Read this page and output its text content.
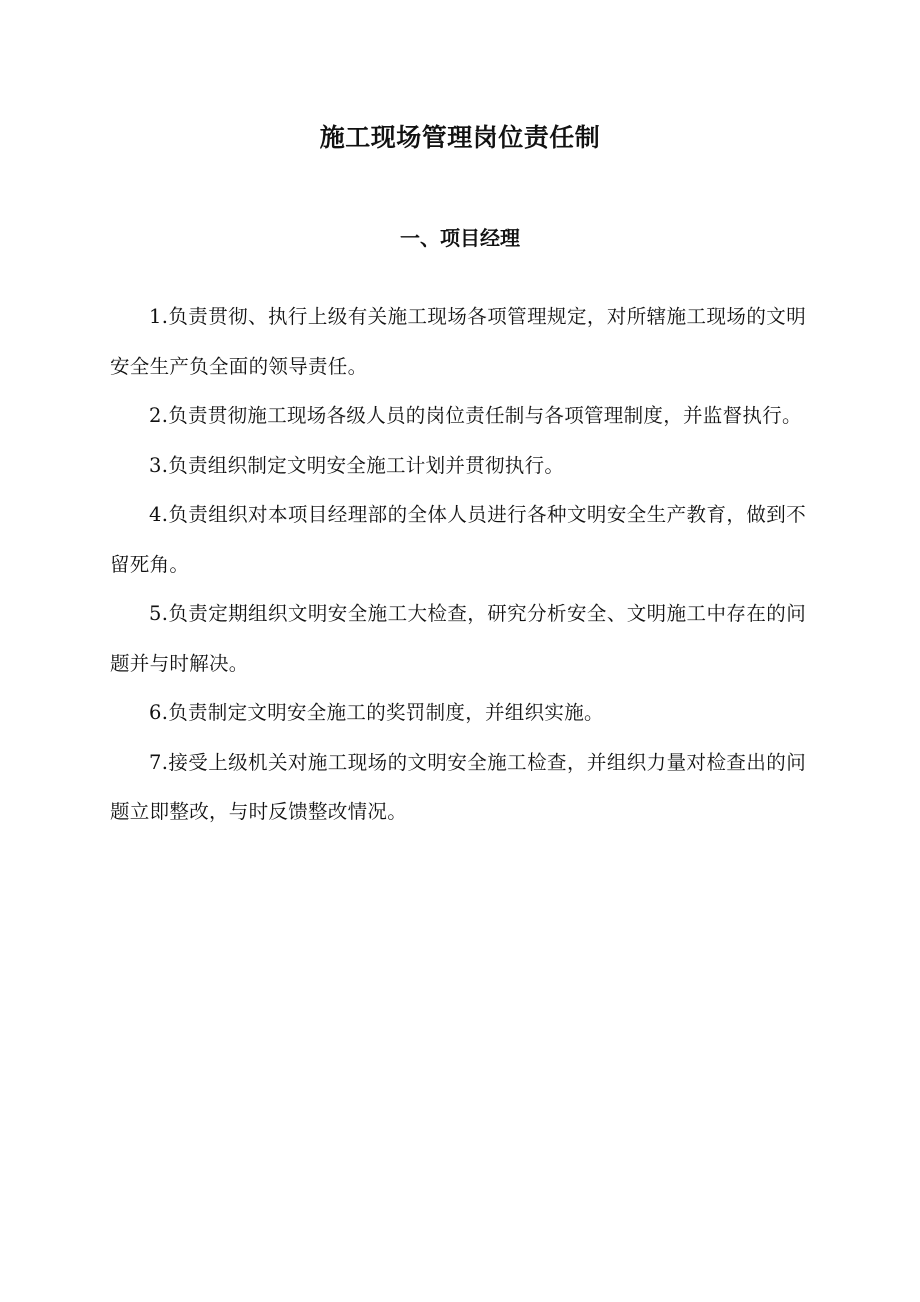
施工现场管理岗位责任制
一、项目经理

1.负责贯彻、执行上级有关施工现场各项管理规定，对所辖施工现场的文明安全生产负全面的领导责任。

2.负责贯彻施工现场各级人员的岗位责任制与各项管理制度，并监督执行。

3.负责组织制定文明安全施工计划并贯彻执行。

4.负责组织对本项目经理部的全体人员进行各种文明安全生产教育，做到不留死角。

5.负责定期组织文明安全施工大检查，研究分析安全、文明施工中存在的问题并与时解决。

6.负责制定文明安全施工的奖罚制度，并组织实施。

7.接受上级机关对施工现场的文明安全施工检查，并组织力量对检查出的问题立即整改，与时反馈整改情况。
